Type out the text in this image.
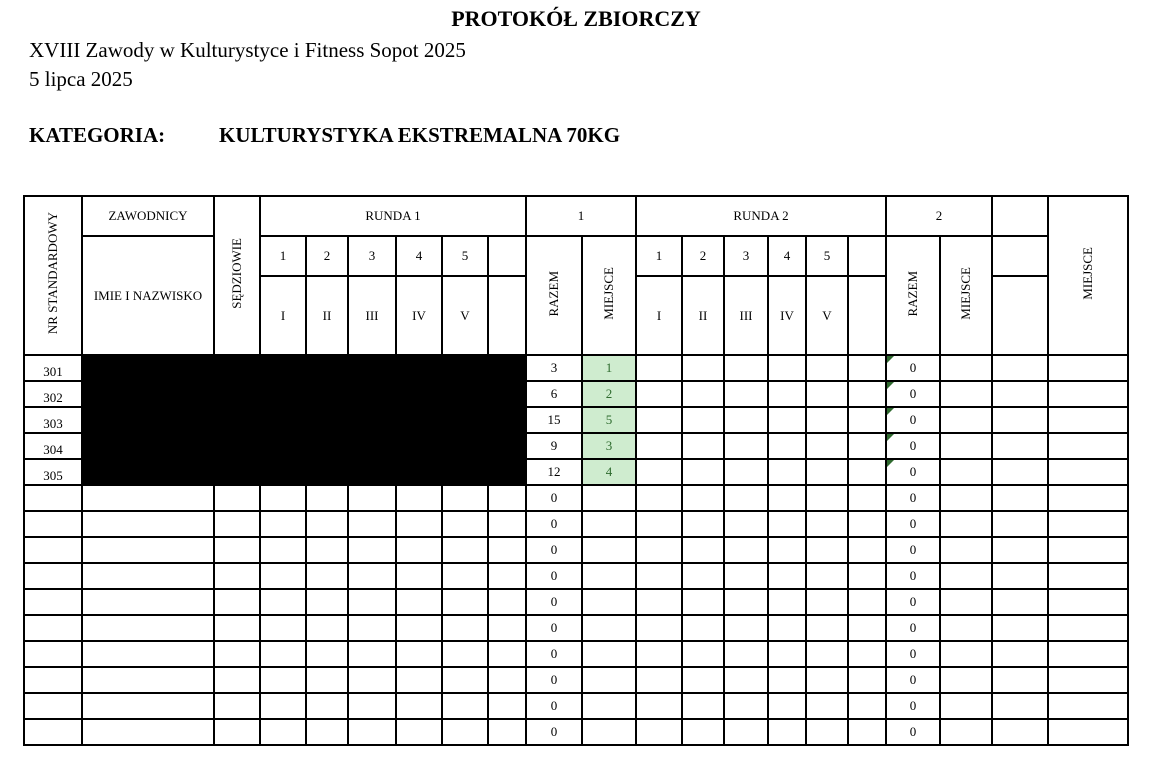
PROTOKÓŁ ZBIORCZY
XVIII Zawody w Kulturystyce i Fitness Sopot 2025
5 lipca 2025
KATEGORIA:	KULTURYSTYKA EKSTREMALNA 70KG
NR STANDARDOWY	ZAWODNICY	SĘDZIOWIE	RUNDA 1						1		RUNDA 2						2			MIEJSCE
	IMIE I NAZWISKO		1	2	3	4	5		RAZEM	MIEJSCE	1	2	3	4	5		RAZEM	MIEJSCE		
			I	II	III	IV	V				I	II	III	IV	V					
301									3	1							0			
302									6	2							0			
303									15	5							0			
304									9	3							0			
305									12	4							0			
									0								0			
									0								0			
									0								0			
									0								0			
									0								0			
									0								0			
									0								0			
									0								0			
									0								0			
									0								0			
